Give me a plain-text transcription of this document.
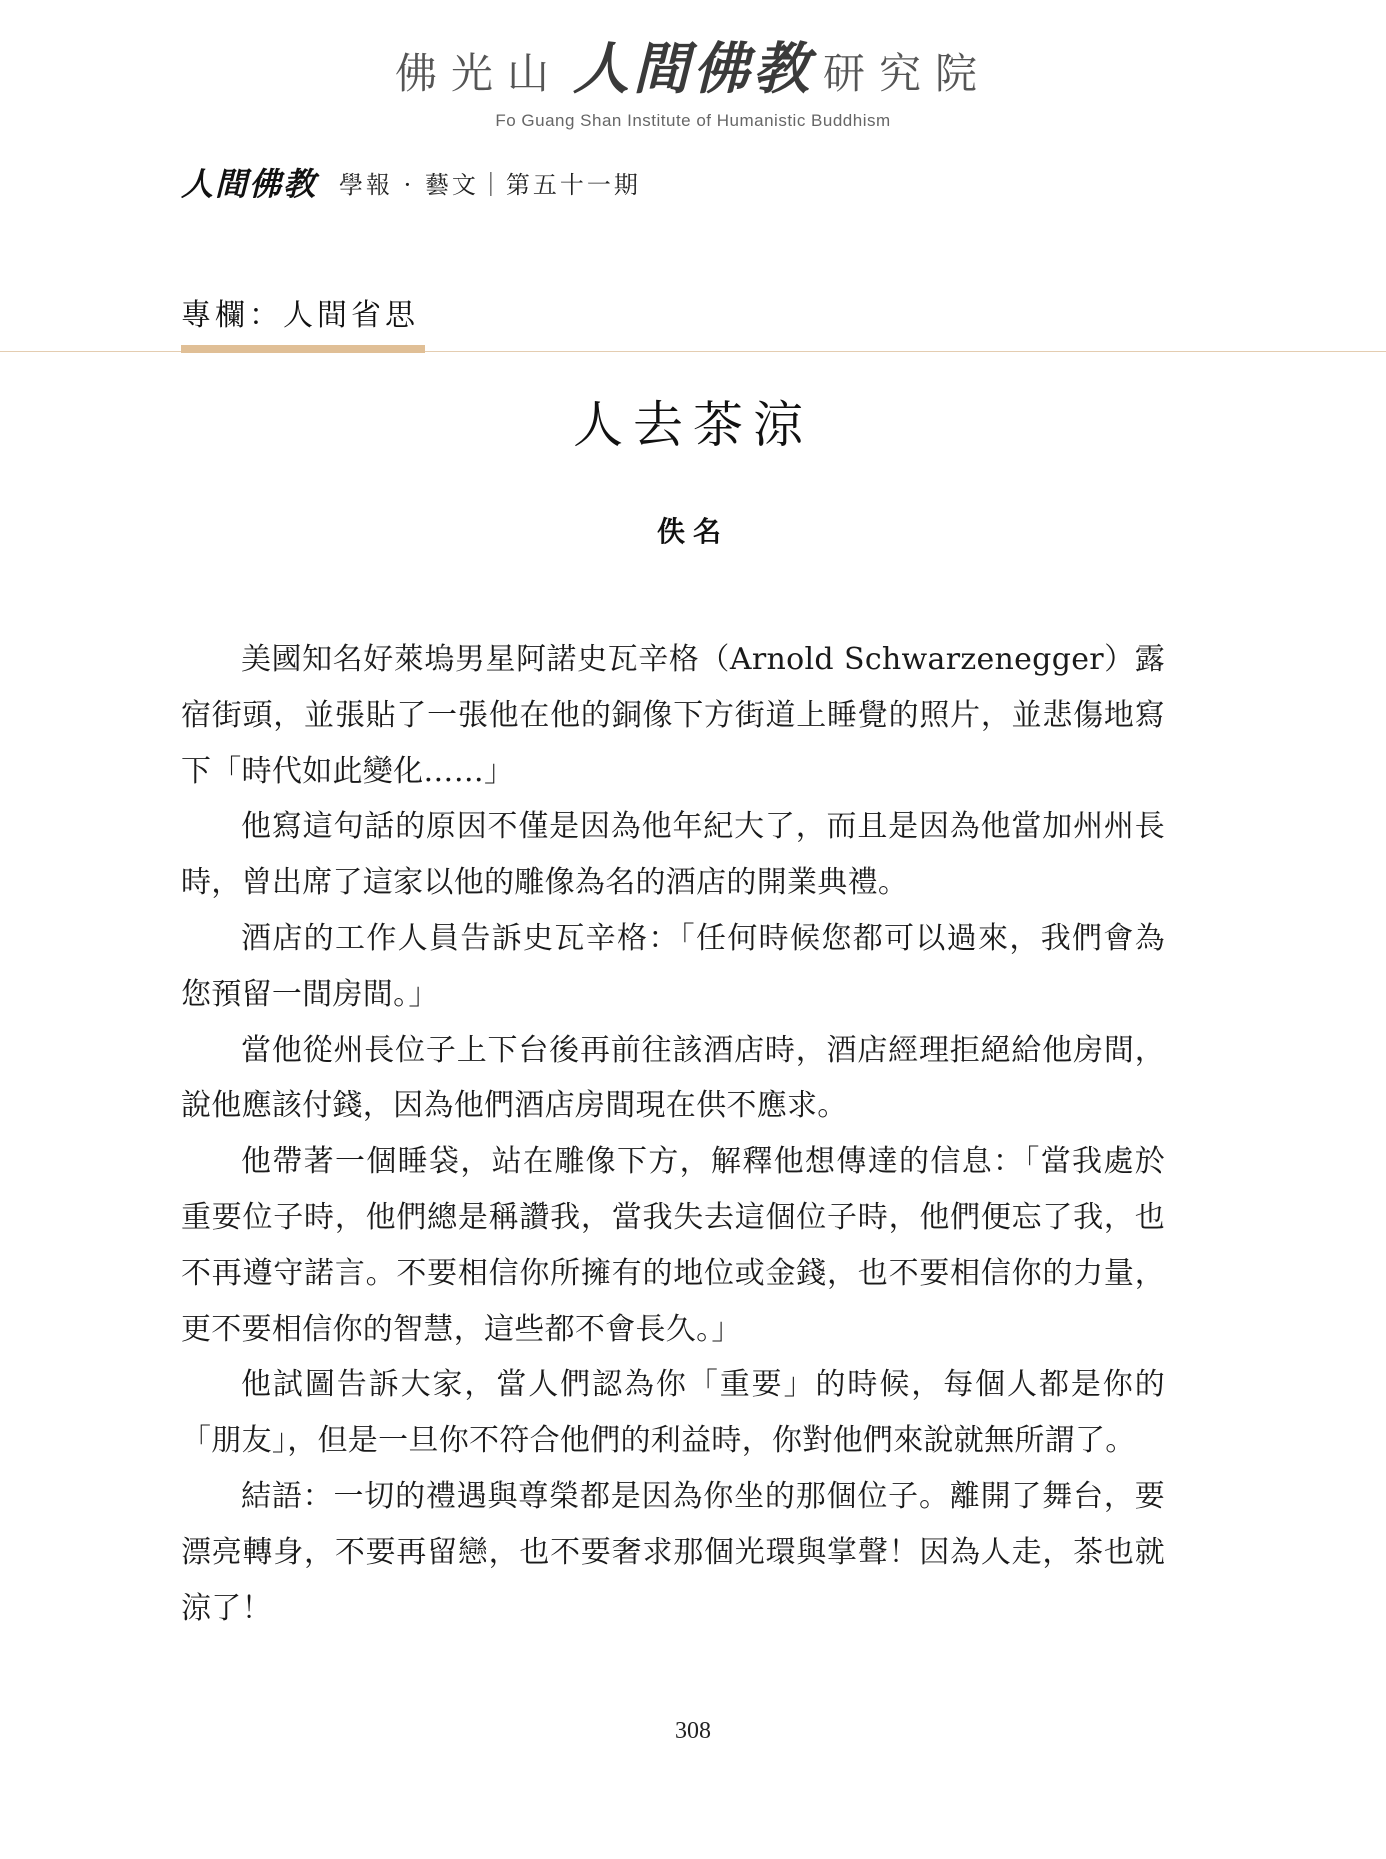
佛光山 人間佛教 研究院
Fo Guang Shan Institute of Humanistic Buddhism
人間佛教 學報 · 藝文｜第五十一期
專欄：人間省思
人去茶涼
佚名

美國知名好萊塢男星阿諾史瓦辛格（Arnold Schwarzenegger）露宿街頭，並張貼了一張他在他的銅像下方街道上睡覺的照片，並悲傷地寫下「時代如此變化……」

他寫這句話的原因不僅是因為他年紀大了，而且是因為他當加州州長時，曾出席了這家以他的雕像為名的酒店的開業典禮。

酒店的工作人員告訴史瓦辛格：「任何時候您都可以過來，我們會為您預留一間房間。」

當他從州長位子上下台後再前往該酒店時，酒店經理拒絕給他房間，說他應該付錢，因為他們酒店房間現在供不應求。

他帶著一個睡袋，站在雕像下方，解釋他想傳達的信息：「當我處於重要位子時，他們總是稱讚我，當我失去這個位子時，他們便忘了我，也不再遵守諾言。不要相信你所擁有的地位或金錢，也不要相信你的力量，更不要相信你的智慧，這些都不會長久。」

他試圖告訴大家，當人們認為你「重要」的時候，每個人都是你的「朋友」，但是一旦你不符合他們的利益時，你對他們來說就無所謂了。

結語：一切的禮遇與尊榮都是因為你坐的那個位子。離開了舞台，要漂亮轉身，不要再留戀，也不要奢求那個光環與掌聲！因為人走，茶也就涼了！

308
